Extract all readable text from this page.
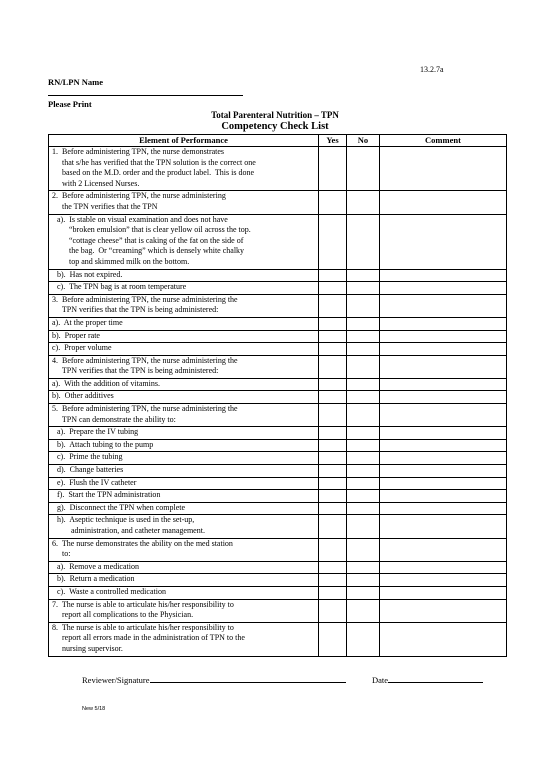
13.2.7a
RN/LPN Name
Please Print
Total Parenteral Nutrition – TPN
Competency Check List
Element of Performance	Yes	No	Comment

1.  Before administering TPN, the nurse demonstrates
that s/he has verified that the TPN solution is the correct one
based on the M.D. order and the product label.  This is done
with 2 Licensed Nurses.			

2.  Before administering TPN, the nurse administering
the TPN verifies that the TPN			

a).  Is stable on visual examination and does not have
“broken emulsion” that is clear yellow oil across the top.
“cottage cheese” that is caking of the fat on the side of
the bag.  Or “creaming” which is densely white chalky
top and skimmed milk on the bottom.			

b).  Has not expired.			

c).  The TPN bag is at room temperature			

3.  Before administering TPN, the nurse administering the
TPN verifies that the TPN is being administered:			

a).  At the proper time			

b).  Proper rate			

c).  Proper volume			

4.  Before administering TPN, the nurse administering the
TPN verifies that the TPN is being administered:			

a).  With the addition of vitamins.			

b).  Other additives			

5.  Before administering TPN, the nurse administering the
TPN can demonstrate the ability to:			

a).  Prepare the IV tubing			

b).  Attach tubing to the pump			

c).  Prime the tubing			

d).  Change batteries			

e).  Flush the IV catheter			

f).  Start the TPN administration			

g).  Disconnect the TPN when complete			

h).  Aseptic technique is used in the set-up,
administration, and catheter management.			

6.  The nurse demonstrates the ability on the med station
to:			

a).  Remove a medication			

b).  Return a medication			

c).  Waste a controlled medication			

7.  The nurse is able to articulate his/her responsibility to
report all complications to the Physician.			

8.  The nurse is able to articulate his/her responsibility to
report all errors made in the administration of TPN to the
nursing supervisor.			

Reviewer/Signature	Date
New 5/18
